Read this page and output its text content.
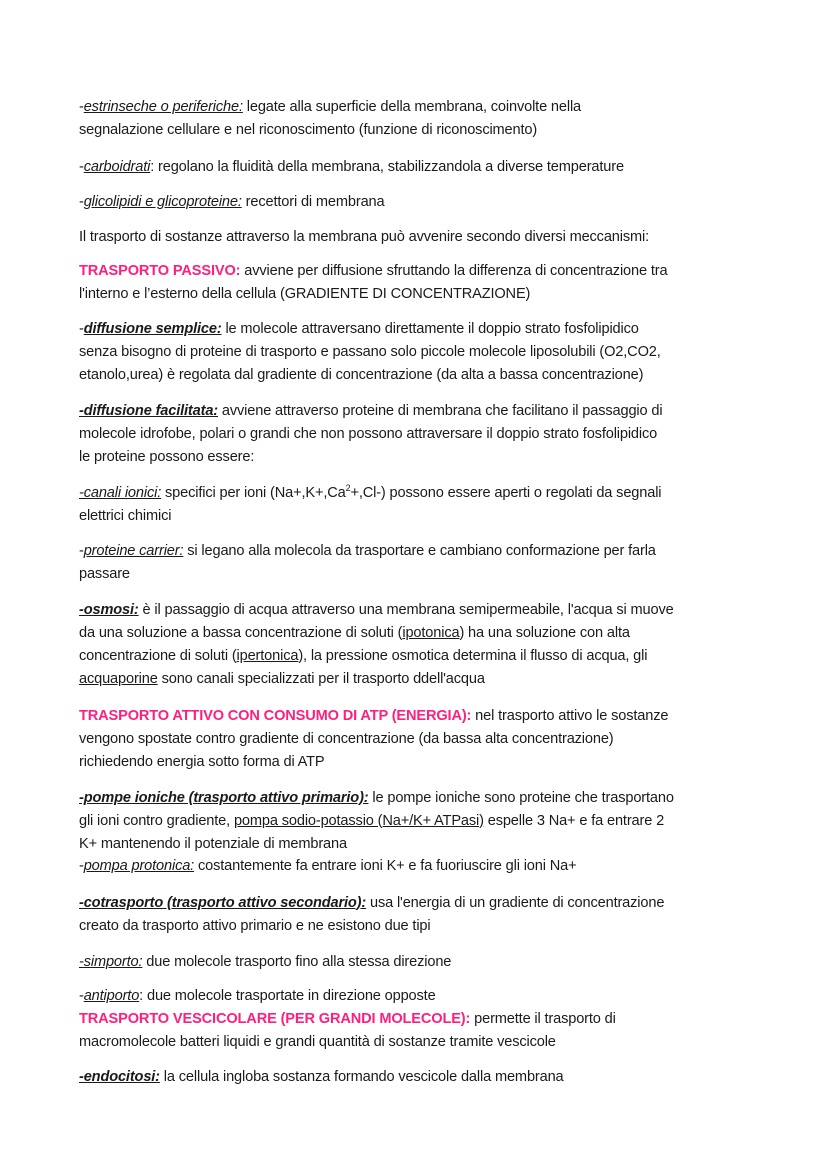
-estrinseche o periferiche: legate alla superficie della membrana, coinvolte nella
segnalazione cellulare e nel riconoscimento (funzione di riconoscimento)
-carboidrati: regolano la fluidità della membrana, stabilizzandola a diverse temperature
-glicolipidi e glicoproteine: recettori di membrana
Il trasporto di sostanze attraverso la membrana può avvenire secondo diversi meccanismi:
TRASPORTO PASSIVO: avviene per diffusione sfruttando la differenza di concentrazione tra
l'interno e l’esterno della cellula (GRADIENTE DI CONCENTRAZIONE)
-diffusione semplice: le molecole attraversano direttamente il doppio strato fosfolipidico
senza bisogno di proteine di trasporto e passano solo piccole molecole liposolubili (O2,CO2,
etanolo,urea) è regolata dal gradiente di concentrazione (da alta a bassa concentrazione)
-diffusione facilitata: avviene attraverso proteine di membrana che facilitano il passaggio di
molecole idrofobe, polari o grandi che non possono attraversare il doppio strato fosfolipidico
le proteine possono essere:
-canali ionici: specifici per ioni $(Na+,K+,Ca^2+,Cl-)$ possono essere aperti o regolati da segnali
elettrici chimici
-proteine carrier: si legano alla molecola da trasportare e cambiano conformazione per farla
passare
-osmosi: è il passaggio di acqua attraverso una membrana semipermeabile, l'acqua si muove
da una soluzione a bassa concentrazione di soluti (ipotonica) ha una soluzione con alta
concentrazione di soluti (ipertonica), la pressione osmotica determina il flusso di acqua, gli
acquaporine sono canali specializzati per il trasporto ddell'acqua
TRASPORTO ATTIVO CON CONSUMO DI ATP (ENERGIA): nel trasporto attivo le sostanze
vengono spostate contro gradiente di concentrazione (da bassa alta concentrazione)
richiedendo energia sotto forma di ATP
-pompe ioniche (trasporto attivo primario): le pompe ioniche sono proteine che trasportano
gli ioni contro gradiente, pompa sodio-potassio (Na+/K+ ATPasi) espelle 3 Na+ e fa entrare 2
K+ mantenendo il potenziale di membrana
-pompa protonica: costantemente fa entrare ioni K+ e fa fuoriuscire gli ioni Na+
-cotrasporto (trasporto attivo secondario): usa l'energia di un gradiente di concentrazione
creato da trasporto attivo primario e ne esistono due tipi
-simporto: due molecole trasporto fino alla stessa direzione
-antiporto: due molecole trasportate in direzione opposte
TRASPORTO VESCICOLARE (PER GRANDI MOLECOLE): permette il trasporto di
macromolecole batteri liquidi e grandi quantità di sostanze tramite vescicole
-endocitosi: la cellula ingloba sostanza formando vescicole dalla membrana
